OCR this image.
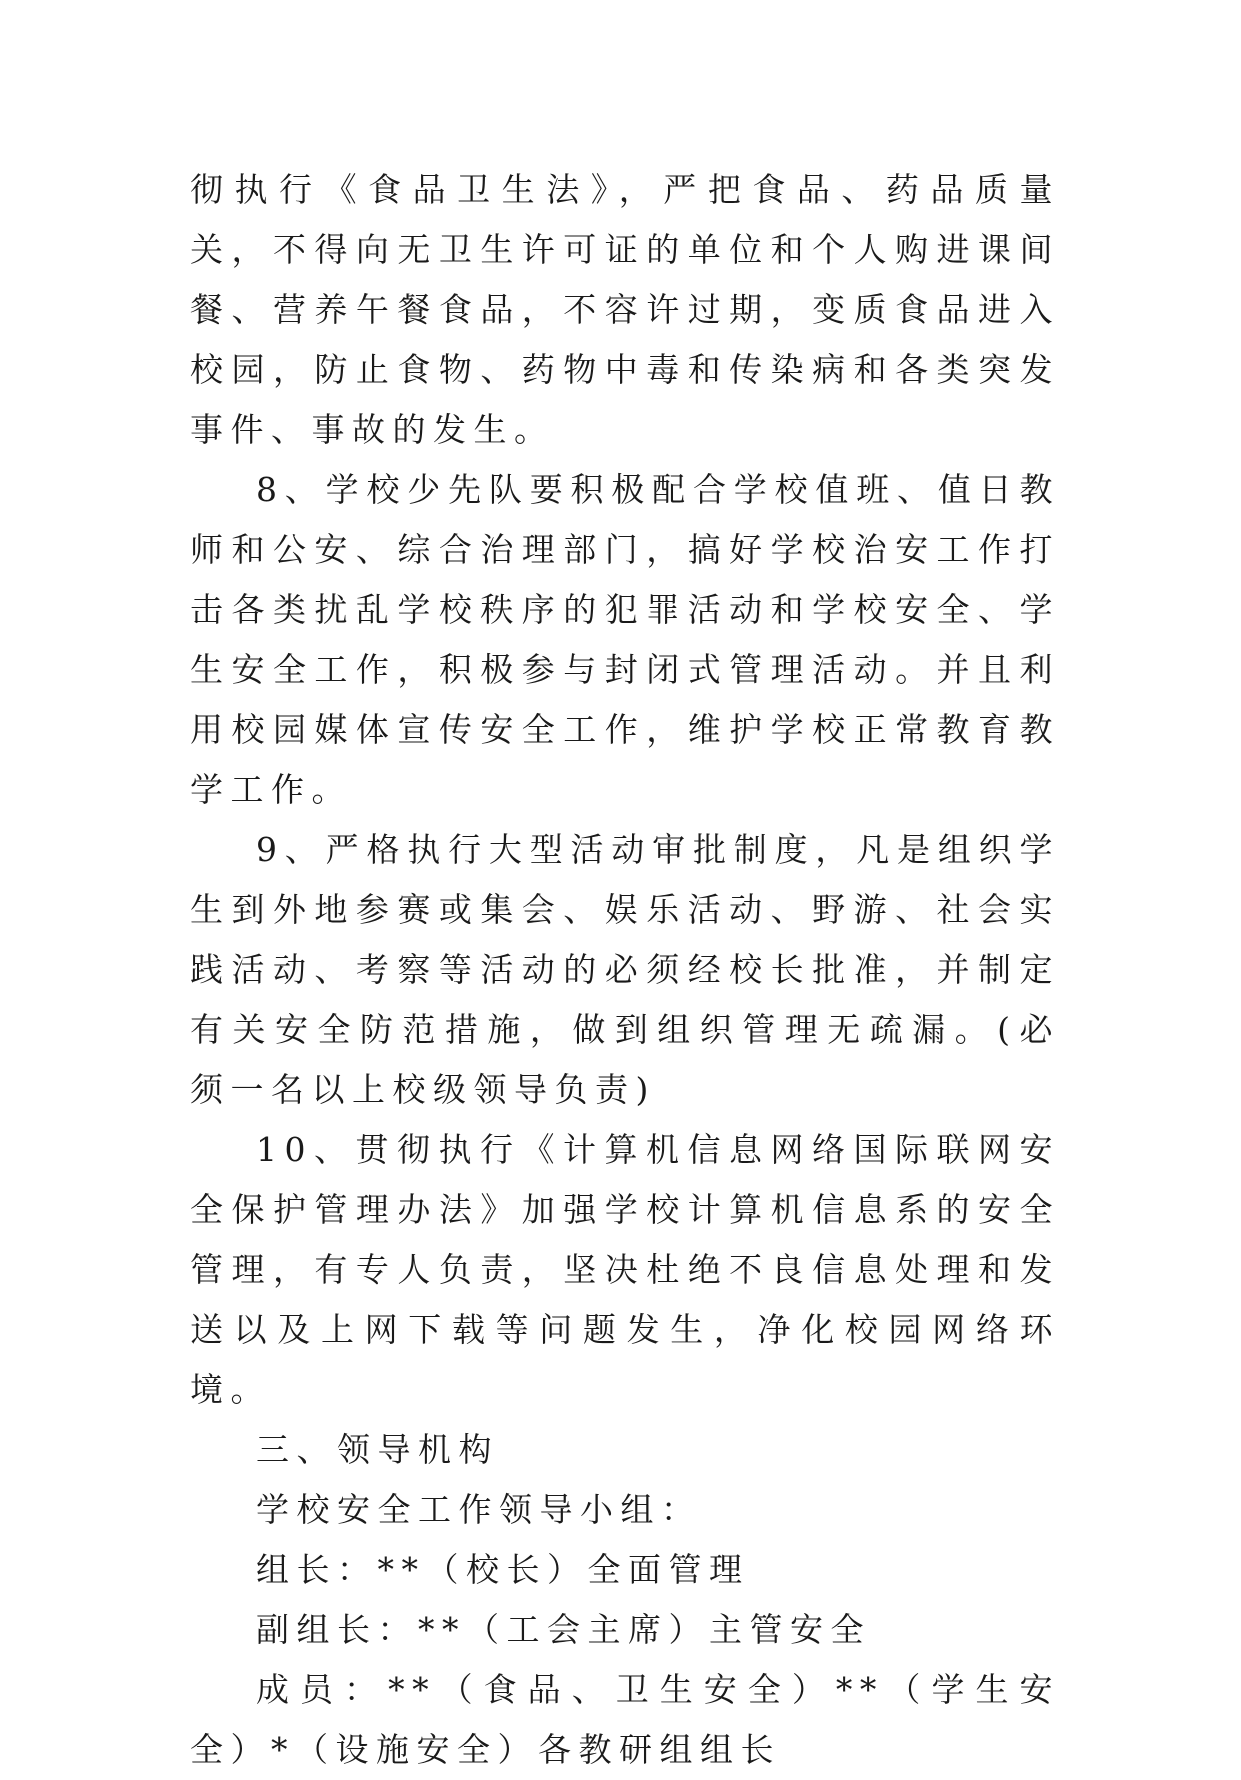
彻执行《食品卫生法》，严把食品、药品质量关，不得向无卫生许可证的单位和个人购进课间餐、营养午餐食品，不容许过期，变质食品进入校园，防止食物、药物中毒和传染病和各类突发事件、事故的发生。

8、学校少先队要积极配合学校值班、值日教师和公安、综合治理部门，搞好学校治安工作打击各类扰乱学校秩序的犯罪活动和学校安全、学生安全工作，积极参与封闭式管理活动。并且利用校园媒体宣传安全工作，维护学校正常教育教学工作。

9、严格执行大型活动审批制度，凡是组织学生到外地参赛或集会、娱乐活动、野游、社会实践活动、考察等活动的必须经校长批准，并制定有关安全防范措施，做到组织管理无疏漏。(必须一名以上校级领导负责)

10、贯彻执行《计算机信息网络国际联网安全保护管理办法》加强学校计算机信息系的安全管理，有专人负责，坚决杜绝不良信息处理和发送以及上网下载等问题发生，净化校园网络环境。

三、领导机构

学校安全工作领导小组：

组长：**（校长）全面管理

副组长：**（工会主席）主管安全

成员：**（食品、卫生安全）**（学生安全）*（设施安全）各教研组组长
